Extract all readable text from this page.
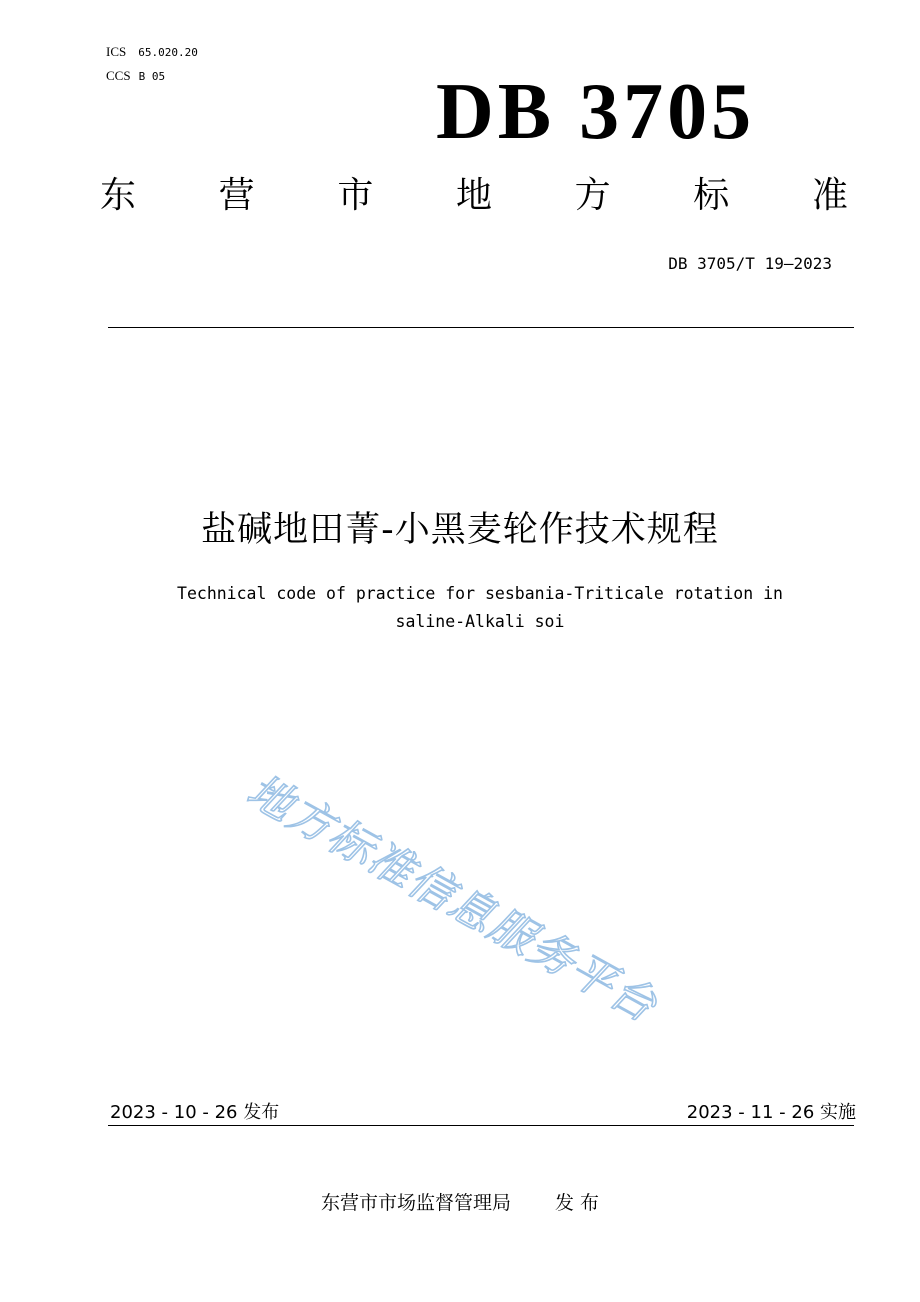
ICS 65.020.20
CCS B 05	DB 3705
东 营 市 地 方 标 准
DB 3705/T 19—2023
盐碱地田菁-小黑麦轮作技术规程
Technical code of practice for sesbania-Triticale rotation in
saline-Alkali soi
地方标准信息服务平台
2023 - 10 - 26 发布	2023 - 11 - 26 实施
东营市市场监督管理局 发 布
